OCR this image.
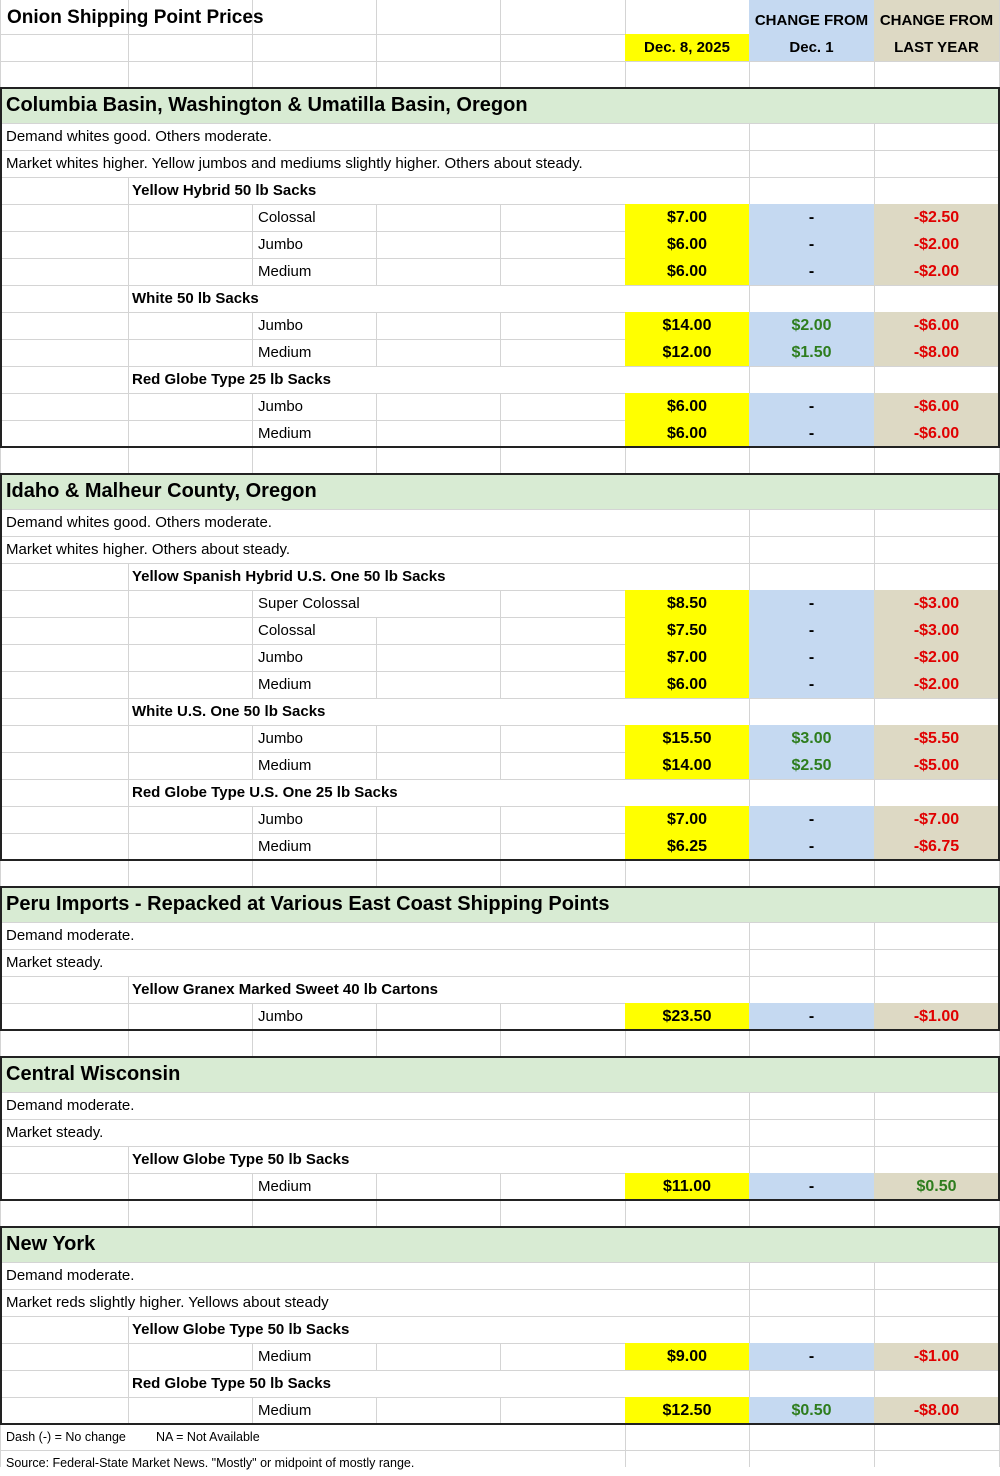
Onion Shipping Point Prices	CHANGE FROM CHANGE FROM
Dec. 8, 2025	Dec. 1	LAST YEAR
Columbia Basin, Washington & Umatilla Basin, Oregon
Demand whites good. Others moderate.
Market whites higher. Yellow jumbos and mediums slightly higher. Others about steady.
Yellow Hybrid 50 lb Sacks
Colossal	$7.00	-	-$2.50
Jumbo	$6.00	-	-$2.00
Medium	$6.00	-	-$2.00
White 50 lb Sacks
Jumbo	$14.00	$2.00	-$6.00
Medium	$12.00	$1.50	-$8.00
Red Globe Type 25 lb Sacks
Jumbo	$6.00	-	-$6.00
Medium	$6.00	-	-$6.00
Idaho & Malheur County, Oregon
Demand whites good. Others moderate.
Market whites higher. Others about steady.
Yellow Spanish Hybrid U.S. One 50 lb Sacks
Super Colossal	$8.50	-	-$3.00
Colossal	$7.50	-	-$3.00
Jumbo	$7.00	-	-$2.00
Medium	$6.00	-	-$2.00
White U.S. One 50 lb Sacks
Jumbo	$15.50	$3.00	-$5.50
Medium	$14.00	$2.50	-$5.00
Red Globe Type U.S. One 25 lb Sacks
Jumbo	$7.00	-	-$7.00
Medium	$6.25	-	-$6.75
Peru Imports - Repacked at Various East Coast Shipping Points
Demand moderate.
Market steady.
Yellow Granex Marked Sweet 40 lb Cartons
Jumbo	$23.50	-	-$1.00
Central Wisconsin
Demand moderate.
Market steady.
Yellow Globe Type 50 lb Sacks
Medium	$11.00	-	$0.50
New York
Demand moderate.
Market reds slightly higher. Yellows about steady
Yellow Globe Type 50 lb Sacks
Medium	$9.00	-	-$1.00
Red Globe Type 50 lb Sacks
Medium	$12.50	$0.50	-$8.00
Dash (-) = No change	NA = Not Available
Source: Federal-State Market News. "Mostly" or midpoint of mostly range.
